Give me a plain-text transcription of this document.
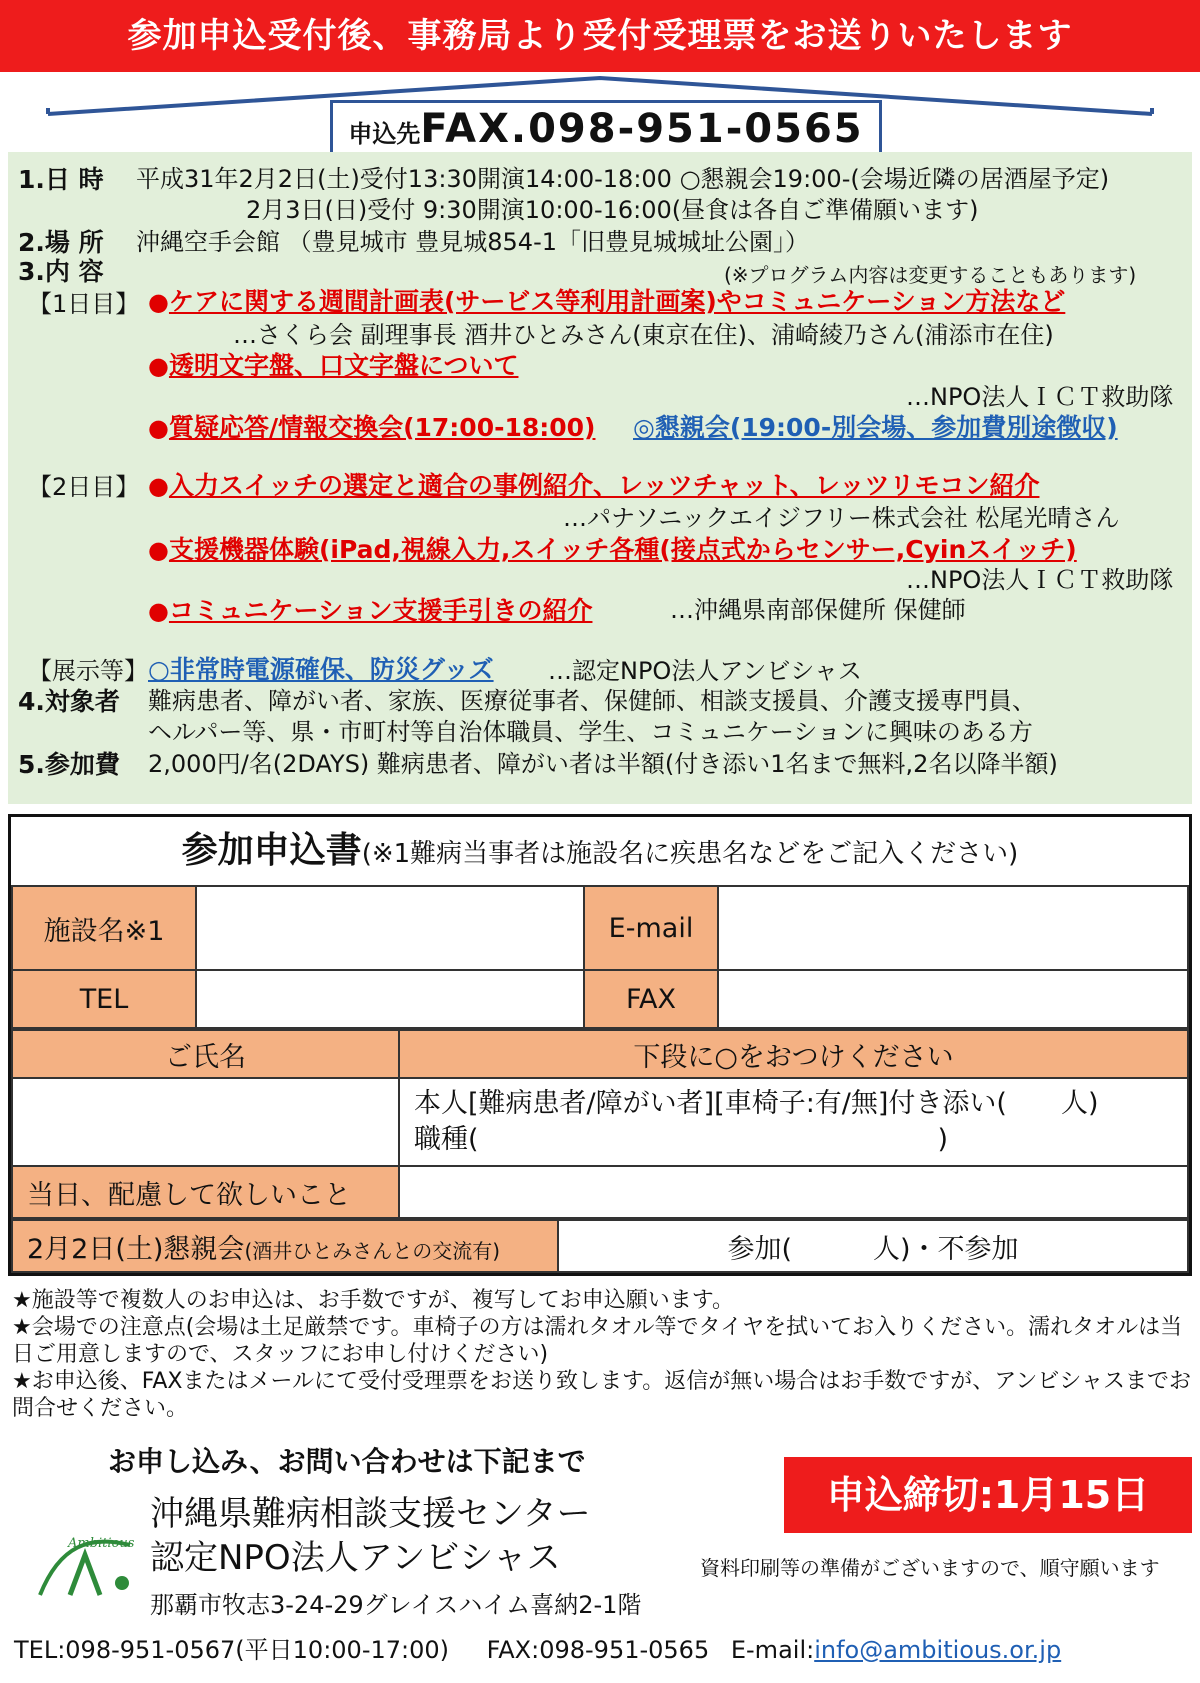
参加申込受付後、事務局より受付受理票をお送りいたします
申込先FAX.098-951-0565
1.日 時 平成31年2月2日(土)受付13:30開演14:00-18:00 ○懇親会19:00-(会場近隣の居酒屋予定)
2月3日(日)受付 9:30開演10:00-16:00(昼食は各自ご準備願います)
2.場 所 沖縄空手会館 （豊見城市 豊見城854-1「旧豊見城城址公園」）
3.内 容	(※プログラム内容は変更することもあります)
【1日目】 ●ケアに関する週間計画表(サービス等利用計画案)やコミュニケーション方法など
…さくら会 副理事長 酒井ひとみさん(東京在住)、浦崎綾乃さん(浦添市在住)
●透明文字盤、口文字盤について
…NPO法人ＩＣＴ救助隊
●質疑応答/情報交換会(17:00-18:00) ◎懇親会(19:00-別会場、参加費別途徴収)
【2日目】 ●入力スイッチの選定と適合の事例紹介、レッツチャット、レッツリモコン紹介
…パナソニックエイジフリー株式会社 松尾光晴さん
●支援機器体験(iPad,視線入力,スイッチ各種(接点式からセンサー,Cyinスイッチ)
…NPO法人ＩＣＴ救助隊
●コミュニケーション支援手引きの紹介	…沖縄県南部保健所 保健師
【展示等】 ○非常時電源確保、防災グッズ …認定NPO法人アンビシャス
4.対象者 難病患者、障がい者、家族、医療従事者、保健師、相談支援員、介護支援専門員、
ヘルパー等、県・市町村等自治体職員、学生、コミュニケーションに興味のある方
5.参加費 2,000円/名(2DAYS) 難病患者、障がい者は半額(付き添い1名まで無料,2名以降半額)
参加申込書(※1難病当事者は施設名に疾患名などをご記入ください)
施設名※1		E-mail	
TEL		FAX	
ご氏名	下段に○をおつけください

	本人[難病患者/障がい者][車椅子:有/無]付き添い(　　人)
職種(　　　　　　　　　　　　　　　　　)

当日、配慮して欲しいこと	
2月2日(土)懇親会(酒井ひとみさんとの交流有)	参加(　　　人)・不参加
★施設等で複数人のお申込は、お手数ですが、複写してお申込願います。
★会場での注意点(会場は土足厳禁です。車椅子の方は濡れタオル等でタイヤを拭いてお入りください。濡れタオルは当日ご用意しますので、スタッフにお申し付けください)
★お申込後、FAXまたはメールにて受付受理票をお送り致します。返信が無い場合はお手数ですが、アンビシャスまでお問合せください。
お申し込み、お問い合わせは下記まで
沖縄県難病相談支援センター
認定NPO法人アンビシャス
那覇市牧志3-24-29グレイスハイム喜納2-1階
Ambitious
申込締切:1月15日
資料印刷等の準備がございますので、順守願います
TEL:098-951-0567(平日10:00-17:00) FAX:098-951-0565 E-mail:info@ambitious.or.jp
